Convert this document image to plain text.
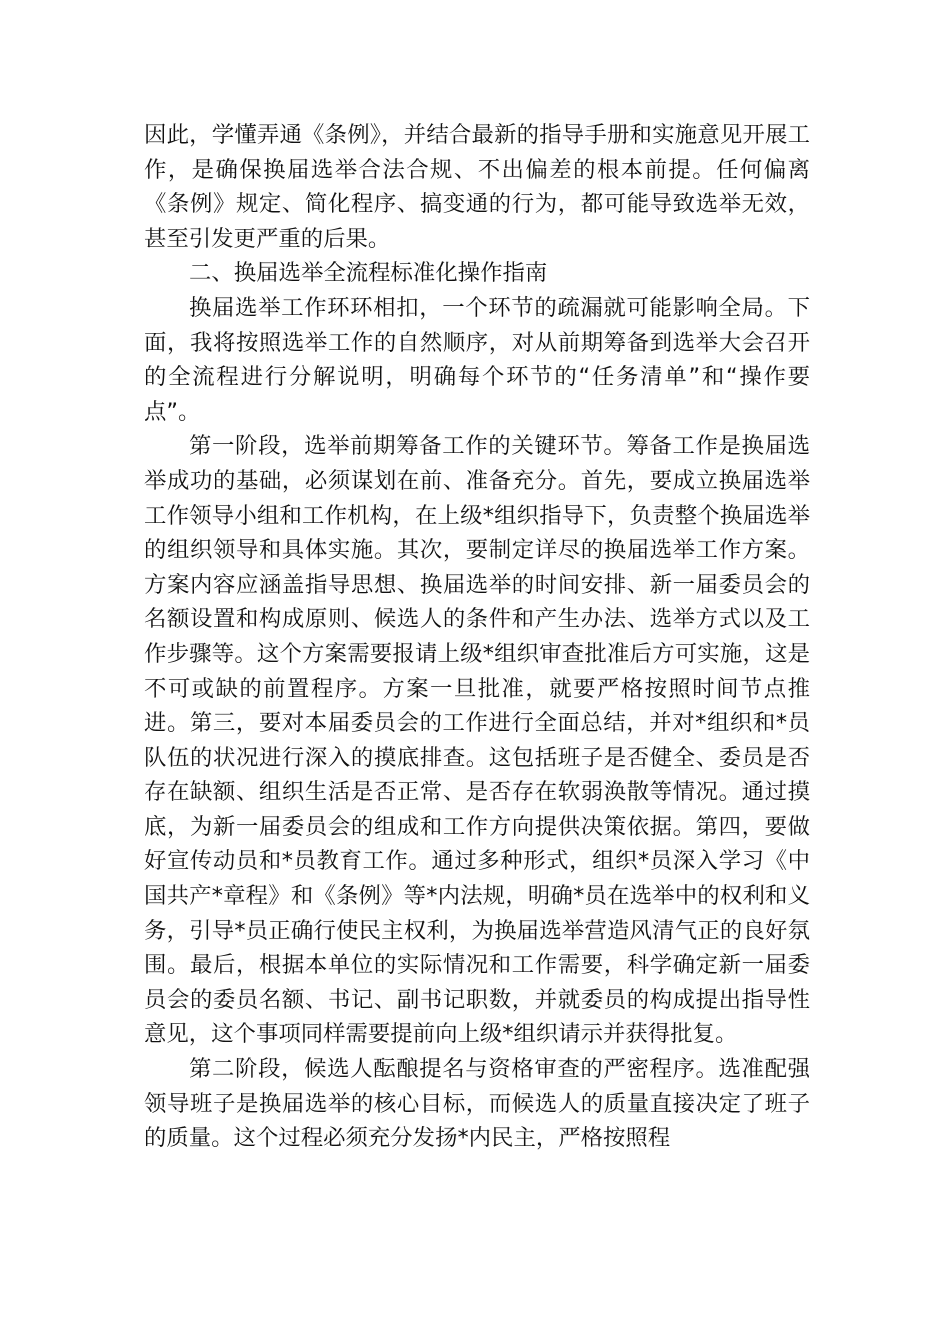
因此，学懂弄通《条例》，并结合最新的指导手册和实施意见开展工作，是确保换届选举合法合规、不出偏差的根本前提。任何偏离《条例》规定、简化程序、搞变通的行为，都可能导致选举无效，甚至引发更严重的后果。

二、换届选举全流程标准化操作指南

换届选举工作环环相扣，一个环节的疏漏就可能影响全局。下面，我将按照选举工作的自然顺序，对从前期筹备到选举大会召开的全流程进行分解说明，明确每个环节的“任务清单”和“操作要点”。

第一阶段，选举前期筹备工作的关键环节。筹备工作是换届选举成功的基础，必须谋划在前、准备充分。首先，要成立换届选举工作领导小组和工作机构，在上级*组织指导下，负责整个换届选举的组织领导和具体实施。其次，要制定详尽的换届选举工作方案。方案内容应涵盖指导思想、换届选举的时间安排、新一届委员会的名额设置和构成原则、候选人的条件和产生办法、选举方式以及工作步骤等。这个方案需要报请上级*组织审查批准后方可实施，这是不可或缺的前置程序。方案一旦批准，就要严格按照时间节点推进。第三，要对本届委员会的工作进行全面总结，并对*组织和*员队伍的状况进行深入的摸底排查。这包括班子是否健全、委员是否存在缺额、组织生活是否正常、是否存在软弱涣散等情况。通过摸底，为新一届委员会的组成和工作方向提供决策依据。第四，要做好宣传动员和*员教育工作。通过多种形式，组织*员深入学习《中国共产*章程》和《条例》等*内法规，明确*员在选举中的权利和义务，引导*员正确行使民主权利，为换届选举营造风清气正的良好氛围。最后，根据本单位的实际情况和工作需要，科学确定新一届委员会的委员名额、书记、副书记职数，并就委员的构成提出指导性意见，这个事项同样需要提前向上级*组织请示并获得批复。

第二阶段，候选人酝酿提名与资格审查的严密程序。选准配强领导班子是换届选举的核心目标，而候选人的质量直接决定了班子的质量。这个过程必须充分发扬*内民主，严格按照程
